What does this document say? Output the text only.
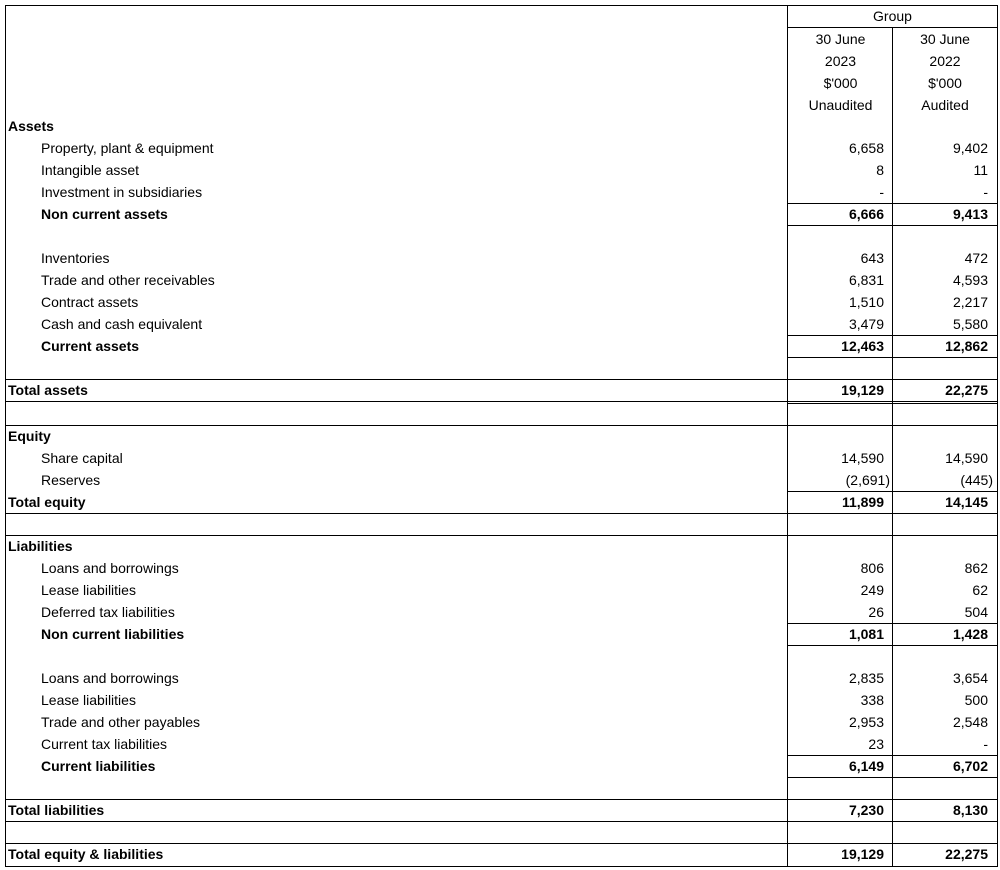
Group
30 June
2023
$'000
Unaudited
30 June
2022
$'000
Audited
Assets
Property, plant & equipment	6,658	9,402
Intangible asset	8	11
Investment in subsidiaries	-	-
Non current assets	6,666	9,413
Inventories	643	472
Trade and other receivables	6,831	4,593
Contract assets	1,510	2,217
Cash and cash equivalent	3,479	5,580
Current assets	12,463	12,862
Total assets	19,129	22,275
Equity
Share capital	14,590	14,590
Reserves	(2,691)	(445)
Total equity	11,899	14,145
Liabilities
Loans and borrowings	806	862
Lease liabilities	249	62
Deferred tax liabilities	26	504
Non current liabilities	1,081	1,428
Loans and borrowings	2,835	3,654
Lease liabilities	338	500
Trade and other payables	2,953	2,548
Current tax liabilities	23	-
Current liabilities	6,149	6,702
Total liabilities	7,230	8,130
Total equity & liabilities	19,129	22,275
